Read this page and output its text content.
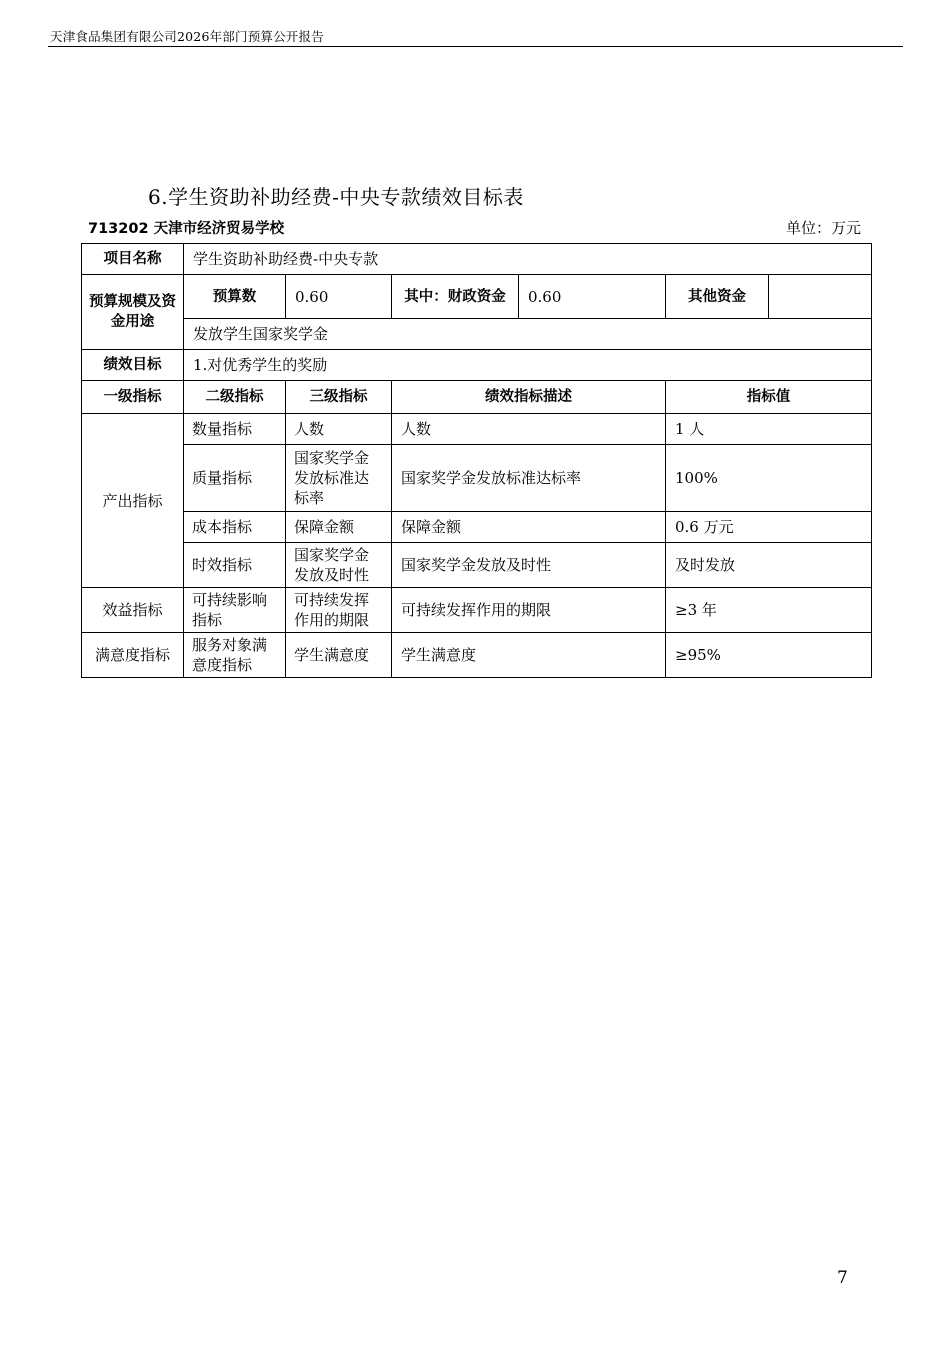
天津食品集团有限公司2026年部门预算公开报告
6.学生资助补助经费-中央专款绩效目标表
713202 天津市经济贸易学校	单位：万元
项目名称	学生资助补助经费-中央专款					
预算规模及资金用途	预算数	0.60	其中：财政资金	0.60	其他资金	
	发放学生国家奖学金					
绩效目标	1.对优秀学生的奖励					
一级指标	二级指标	三级指标	绩效指标描述		指标值	
产出指标	数量指标	人数	人数		1 人	
	质量指标	国家奖学金发放标准达标率	国家奖学金发放标准达标率		100%	
	成本指标	保障金额	保障金额		0.6 万元	
	时效指标	国家奖学金发放及时性	国家奖学金发放及时性		及时发放	
效益指标	可持续影响指标	可持续发挥作用的期限	可持续发挥作用的期限		≥3 年	
满意度指标	服务对象满意度指标	学生满意度	学生满意度		≥95%	
7
